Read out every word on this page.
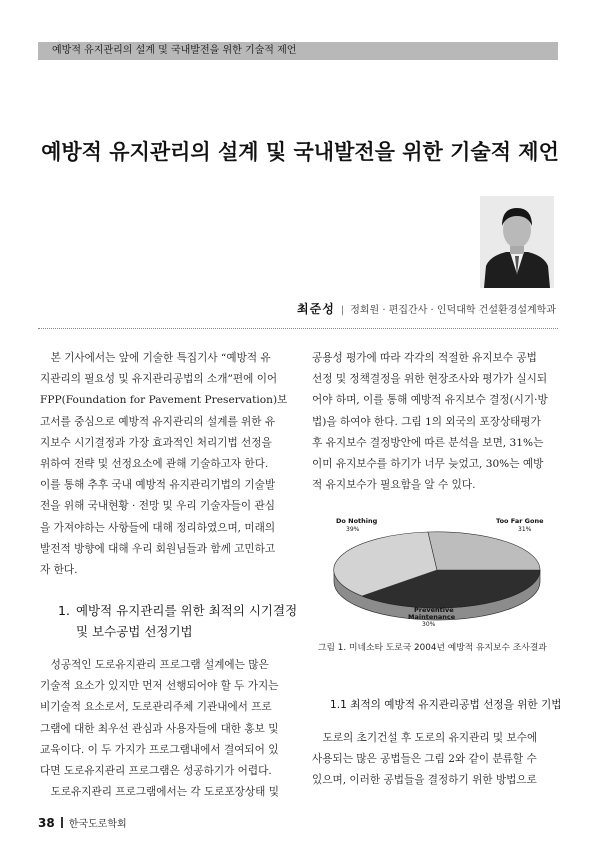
예방적 유지관리의 설계 및 국내발전을 위한 기술적 제언
예방적 유지관리의 설계 및 국내발전을 위한 기술적 제언
최준성 | 정회원 · 편집간사 · 인덕대학 건설환경설계학과
본 기사에서는 앞에 기술한 특집기사 “예방적 유
지관리의 필요성 및 유지관리공법의 소개”편에 이어
FPP(Foundation for Pavement Preservation)보
고서를 중심으로 예방적 유지관리의 설계를 위한 유
지보수 시기결정과 가장 효과적인 처리기법 선정을
위하여 전략 및 선정요소에 관해 기술하고자 한다.
이를 통해 추후 국내 예방적 유지관리기법의 기술발
전을 위해 국내현황 · 전망 및 우리 기술자들이 관심
을 가져야하는 사항들에 대해 정리하였으며, 미래의
발전적 방향에 대해 우리 회원님들과 함께 고민하고
자 한다.
1. 예방적 유지관리를 위한 최적의 시기결정
및 보수공법 선정기법
성공적인 도로유지관리 프로그램 설계에는 많은
기술적 요소가 있지만 먼저 선행되어야 할 두 가지는
비기술적 요소로서, 도로관리주체 기관내에서 프로
그램에 대한 최우선 관심과 사용자들에 대한 홍보 및
교육이다. 이 두 가지가 프로그램내에서 결여되어 있
다면 도로유지관리 프로그램은 성공하기가 어렵다.
도로유지관리 프로그램에서는 각 도로포장상태 및
공용성 평가에 따라 각각의 적절한 유지보수 공법
선정 및 정책결정을 위한 현장조사와 평가가 실시되
어야 하며, 이를 통해 예방적 유지보수 결정(시기·방
법)을 하여야 한다. 그림 1의 외국의 포장상태평가
후 유지보수 결정방안에 따른 분석을 보면, 31%는
이미 유지보수를 하기가 너무 늦었고, 30%는 예방
적 유지보수가 필요함을 알 수 있다.
Do Nothing
39%
Too Far Gone
31%
Preventive
Maintenance
30%
그림 1. 미네소타 도로국 2004년 예방적 유지보수 조사결과
1.1 최적의 예방적 유지관리공법 선정을 위한 기법
도로의 초기건설 후 도로의 유지관리 및 보수에
사용되는 많은 공법들은 그림 2와 같이 분류할 수
있으며, 이러한 공법들을 결정하기 위한 방법으로
38 한국도로학회
